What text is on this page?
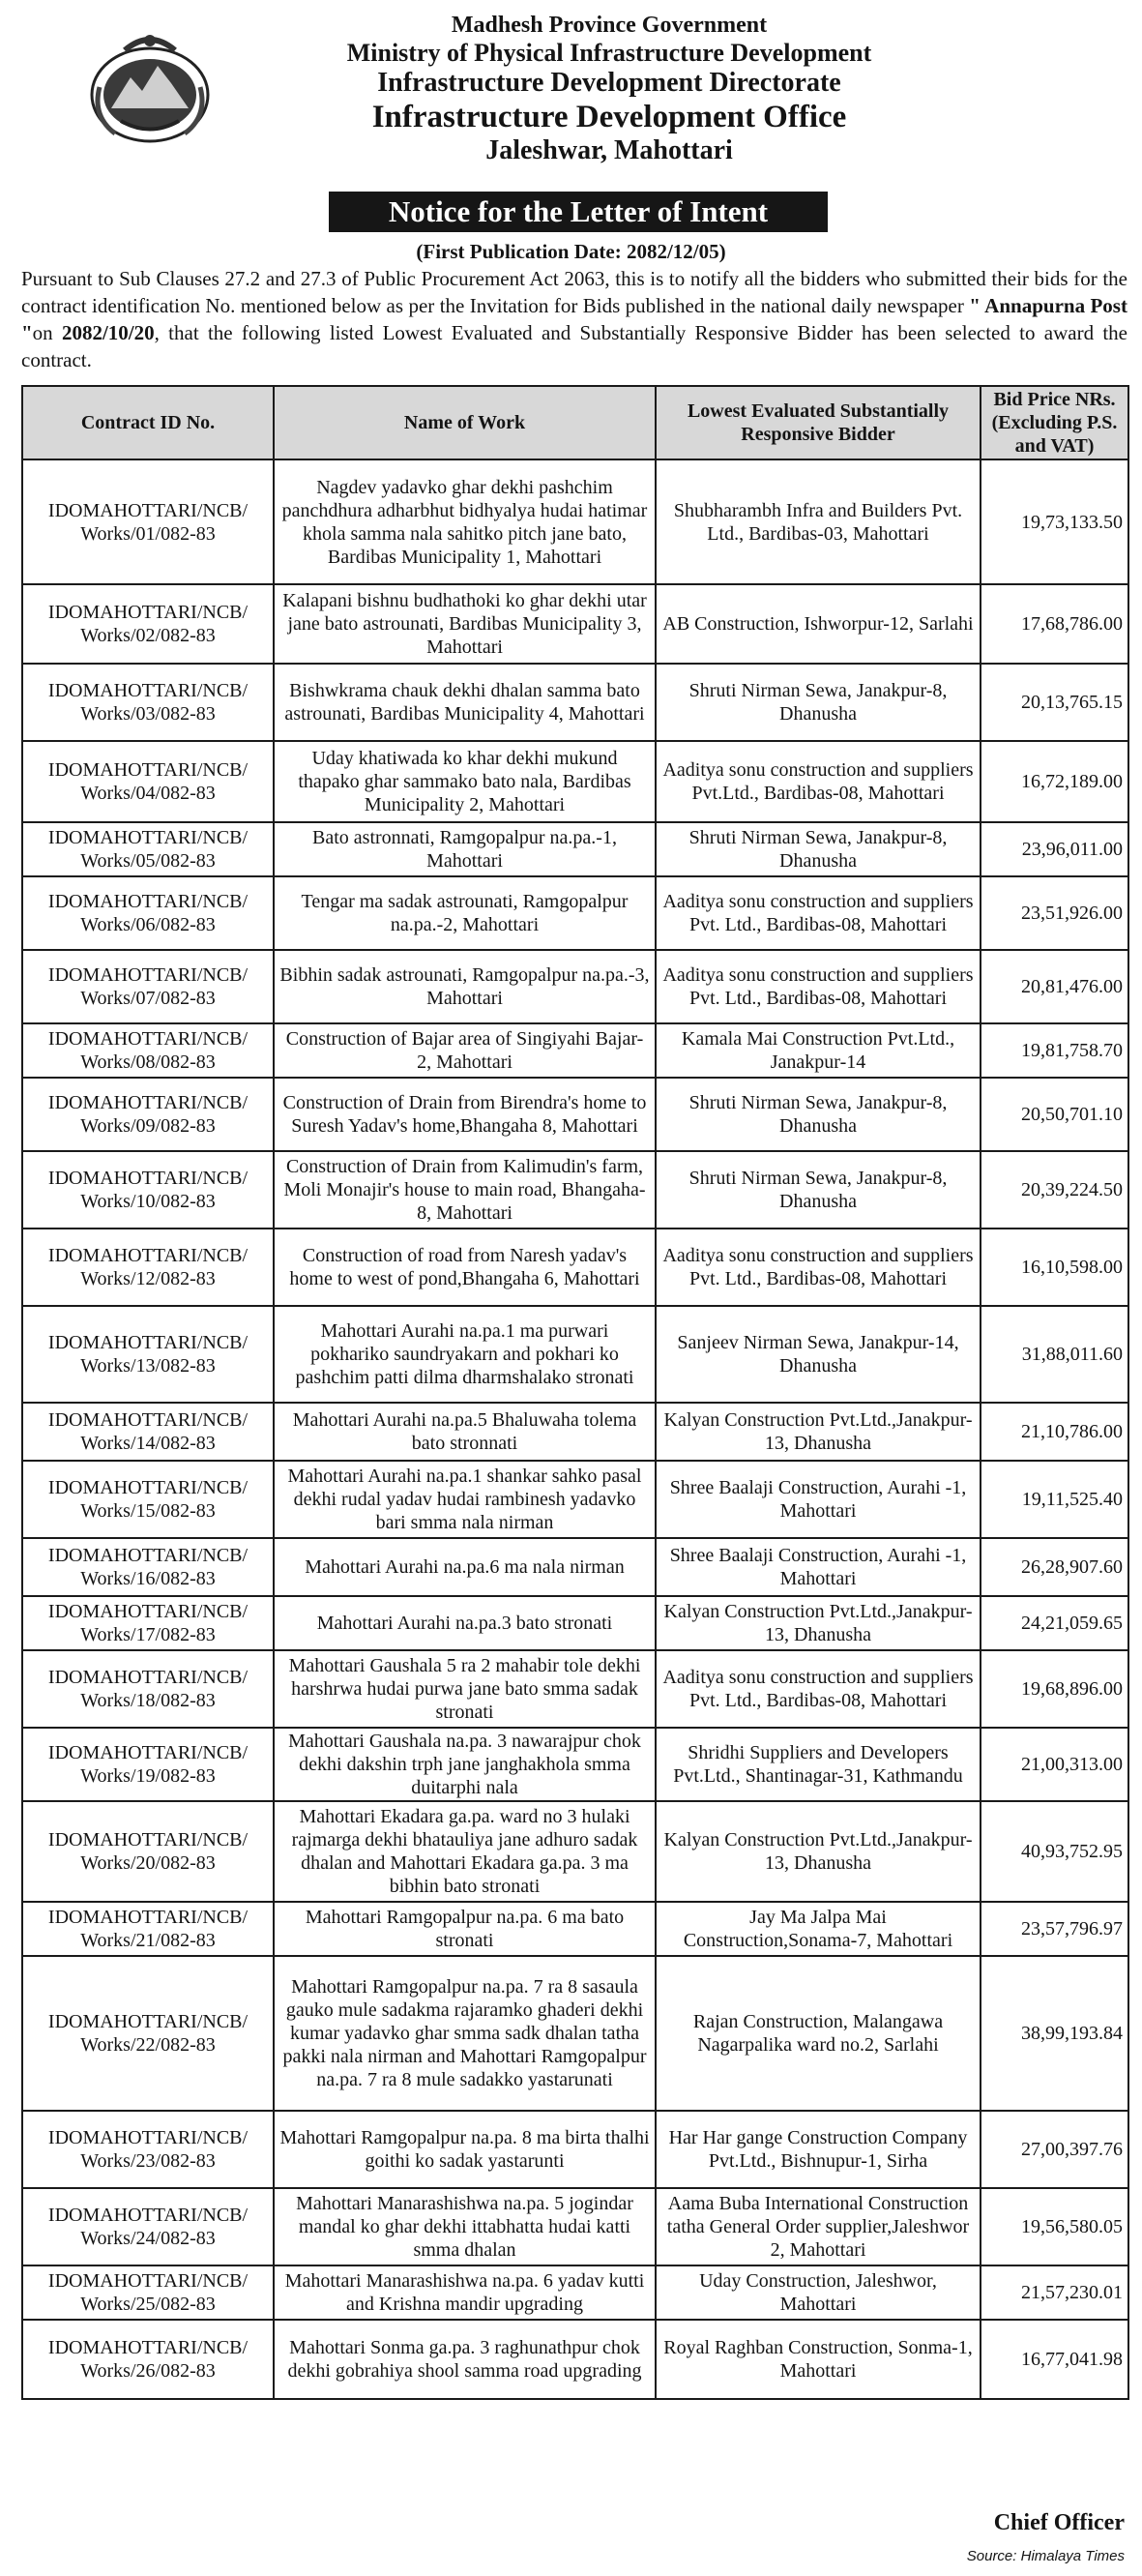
Madhesh Province Government
Ministry of Physical Infrastructure Development
Infrastructure Development Directorate
Infrastructure Development Office
Jaleshwar, Mahottari
Notice for the Letter of Intent
(First Publication Date: 2082/12/05)
Pursuant to Sub Clauses 27.2 and 27.3 of Public Procurement Act 2063, this is to notify all the bidders who submitted their bids for the contract identification No. mentioned below as per the Invitation for Bids published in the national daily newspaper " Annapurna Post "on 2082/10/20, that the following listed Lowest Evaluated and Substantially Responsive Bidder has been selected to award the contract.
Contract ID No.	Name of Work	Lowest Evaluated Substantially Responsive Bidder	Bid Price NRs. (Excluding P.S. and VAT)
IDOMAHOTTARI/NCB/ Works/01/082-83	Nagdev yadavko ghar dekhi pashchim panchdhura adharbhut bidhyalya hudai hatimar khola samma nala sahitko pitch jane bato, Bardibas Municipality 1, Mahottari	Shubharambh Infra and Builders Pvt. Ltd., Bardibas-03, Mahottari	19,73,133.50
IDOMAHOTTARI/NCB/ Works/02/082-83	Kalapani bishnu budhathoki ko ghar dekhi utar jane bato astrounati, Bardibas Municipality 3, Mahottari	AB Construction, Ishworpur-12, Sarlahi	17,68,786.00
IDOMAHOTTARI/NCB/ Works/03/082-83	Bishwkrama chauk dekhi dhalan samma bato astrounati, Bardibas Municipality 4, Mahottari	Shruti Nirman Sewa, Janakpur-8, Dhanusha	20,13,765.15
IDOMAHOTTARI/NCB/ Works/04/082-83	Uday khatiwada ko khar dekhi mukund thapako ghar sammako bato nala, Bardibas Municipality 2, Mahottari	Aaditya sonu construction and suppliers Pvt.Ltd., Bardibas-08, Mahottari	16,72,189.00
IDOMAHOTTARI/NCB/ Works/05/082-83	Bato astronnati, Ramgopalpur na.pa.-1, Mahottari	Shruti Nirman Sewa, Janakpur-8, Dhanusha	23,96,011.00
IDOMAHOTTARI/NCB/ Works/06/082-83	Tengar ma sadak astrounati, Ramgopalpur na.pa.-2, Mahottari	Aaditya sonu construction and suppliers Pvt. Ltd., Bardibas-08, Mahottari	23,51,926.00
IDOMAHOTTARI/NCB/ Works/07/082-83	Bibhin sadak astrounati, Ramgopalpur na.pa.-3, Mahottari	Aaditya sonu construction and suppliers Pvt. Ltd., Bardibas-08, Mahottari	20,81,476.00
IDOMAHOTTARI/NCB/ Works/08/082-83	Construction of Bajar area of Singiyahi Bajar-2, Mahottari	Kamala Mai Construction Pvt.Ltd., Janakpur-14	19,81,758.70
IDOMAHOTTARI/NCB/ Works/09/082-83	Construction of Drain from Birendra's home to Suresh Yadav's home,Bhangaha 8, Mahottari	Shruti Nirman Sewa, Janakpur-8, Dhanusha	20,50,701.10
IDOMAHOTTARI/NCB/ Works/10/082-83	Construction of Drain from Kalimudin's farm, Moli Monajir's house to main road, Bhangaha-8, Mahottari	Shruti Nirman Sewa, Janakpur-8, Dhanusha	20,39,224.50
IDOMAHOTTARI/NCB/ Works/12/082-83	Construction of road from Naresh yadav's home to west of pond,Bhangaha 6, Mahottari	Aaditya sonu construction and suppliers Pvt. Ltd., Bardibas-08, Mahottari	16,10,598.00
IDOMAHOTTARI/NCB/ Works/13/082-83	Mahottari Aurahi na.pa.1 ma purwari pokhariko saundryakarn and pokhari ko pashchim patti dilma dharmshalako stronati	Sanjeev Nirman Sewa, Janakpur-14, Dhanusha	31,88,011.60
IDOMAHOTTARI/NCB/ Works/14/082-83	Mahottari Aurahi na.pa.5 Bhaluwaha tolema bato stronnati	Kalyan Construction Pvt.Ltd.,Janakpur-13, Dhanusha	21,10,786.00
IDOMAHOTTARI/NCB/ Works/15/082-83	Mahottari Aurahi na.pa.1 shankar sahko pasal dekhi rudal yadav hudai rambinesh yadavko bari smma nala nirman	Shree Baalaji Construction, Aurahi -1, Mahottari	19,11,525.40
IDOMAHOTTARI/NCB/ Works/16/082-83	Mahottari Aurahi na.pa.6 ma nala nirman	Shree Baalaji Construction, Aurahi -1, Mahottari	26,28,907.60
IDOMAHOTTARI/NCB/ Works/17/082-83	Mahottari Aurahi na.pa.3 bato stronati	Kalyan Construction Pvt.Ltd.,Janakpur-13, Dhanusha	24,21,059.65
IDOMAHOTTARI/NCB/ Works/18/082-83	Mahottari Gaushala 5 ra 2 mahabir tole dekhi harshrwa hudai purwa jane bato smma sadak stronati	Aaditya sonu construction and suppliers Pvt. Ltd., Bardibas-08, Mahottari	19,68,896.00
IDOMAHOTTARI/NCB/ Works/19/082-83	Mahottari Gaushala na.pa. 3 nawarajpur chok dekhi dakshin trph jane janghakhola smma duitarphi nala	Shridhi Suppliers and Developers Pvt.Ltd., Shantinagar-31, Kathmandu	21,00,313.00
IDOMAHOTTARI/NCB/ Works/20/082-83	Mahottari Ekadara ga.pa. ward no 3 hulaki rajmarga dekhi bhatauliya jane adhuro sadak dhalan and Mahottari Ekadara ga.pa. 3 ma bibhin bato stronati	Kalyan Construction Pvt.Ltd.,Janakpur-13, Dhanusha	40,93,752.95
IDOMAHOTTARI/NCB/ Works/21/082-83	Mahottari Ramgopalpur na.pa. 6 ma bato stronati	Jay Ma Jalpa Mai Construction,Sonama-7, Mahottari	23,57,796.97
IDOMAHOTTARI/NCB/ Works/22/082-83	Mahottari Ramgopalpur na.pa. 7 ra 8 sasaula gauko mule sadakma rajaramko ghaderi dekhi kumar yadavko ghar smma sadk dhalan tatha pakki nala nirman and Mahottari Ramgopalpur na.pa. 7 ra 8 mule sadakko yastarunati	Rajan Construction, Malangawa Nagarpalika ward no.2, Sarlahi	38,99,193.84
IDOMAHOTTARI/NCB/ Works/23/082-83	Mahottari Ramgopalpur na.pa. 8 ma birta thalhi goithi ko sadak yastarunti	Har Har gange Construction Company Pvt.Ltd., Bishnupur-1, Sirha	27,00,397.76
IDOMAHOTTARI/NCB/ Works/24/082-83	Mahottari Manarashishwa na.pa. 5 jogindar mandal ko ghar dekhi ittabhatta hudai katti smma dhalan	Aama Buba International Construction tatha General Order supplier,Jaleshwor 2, Mahottari	19,56,580.05
IDOMAHOTTARI/NCB/ Works/25/082-83	Mahottari Manarashishwa na.pa. 6 yadav kutti and Krishna mandir upgrading	Uday Construction, Jaleshwor, Mahottari	21,57,230.01
IDOMAHOTTARI/NCB/ Works/26/082-83	Mahottari Sonma ga.pa. 3 raghunathpur chok dekhi gobrahiya shool samma road upgrading	Royal Raghban Construction, Sonma-1, Mahottari	16,77,041.98
Chief Officer
Source: Himalaya Times
